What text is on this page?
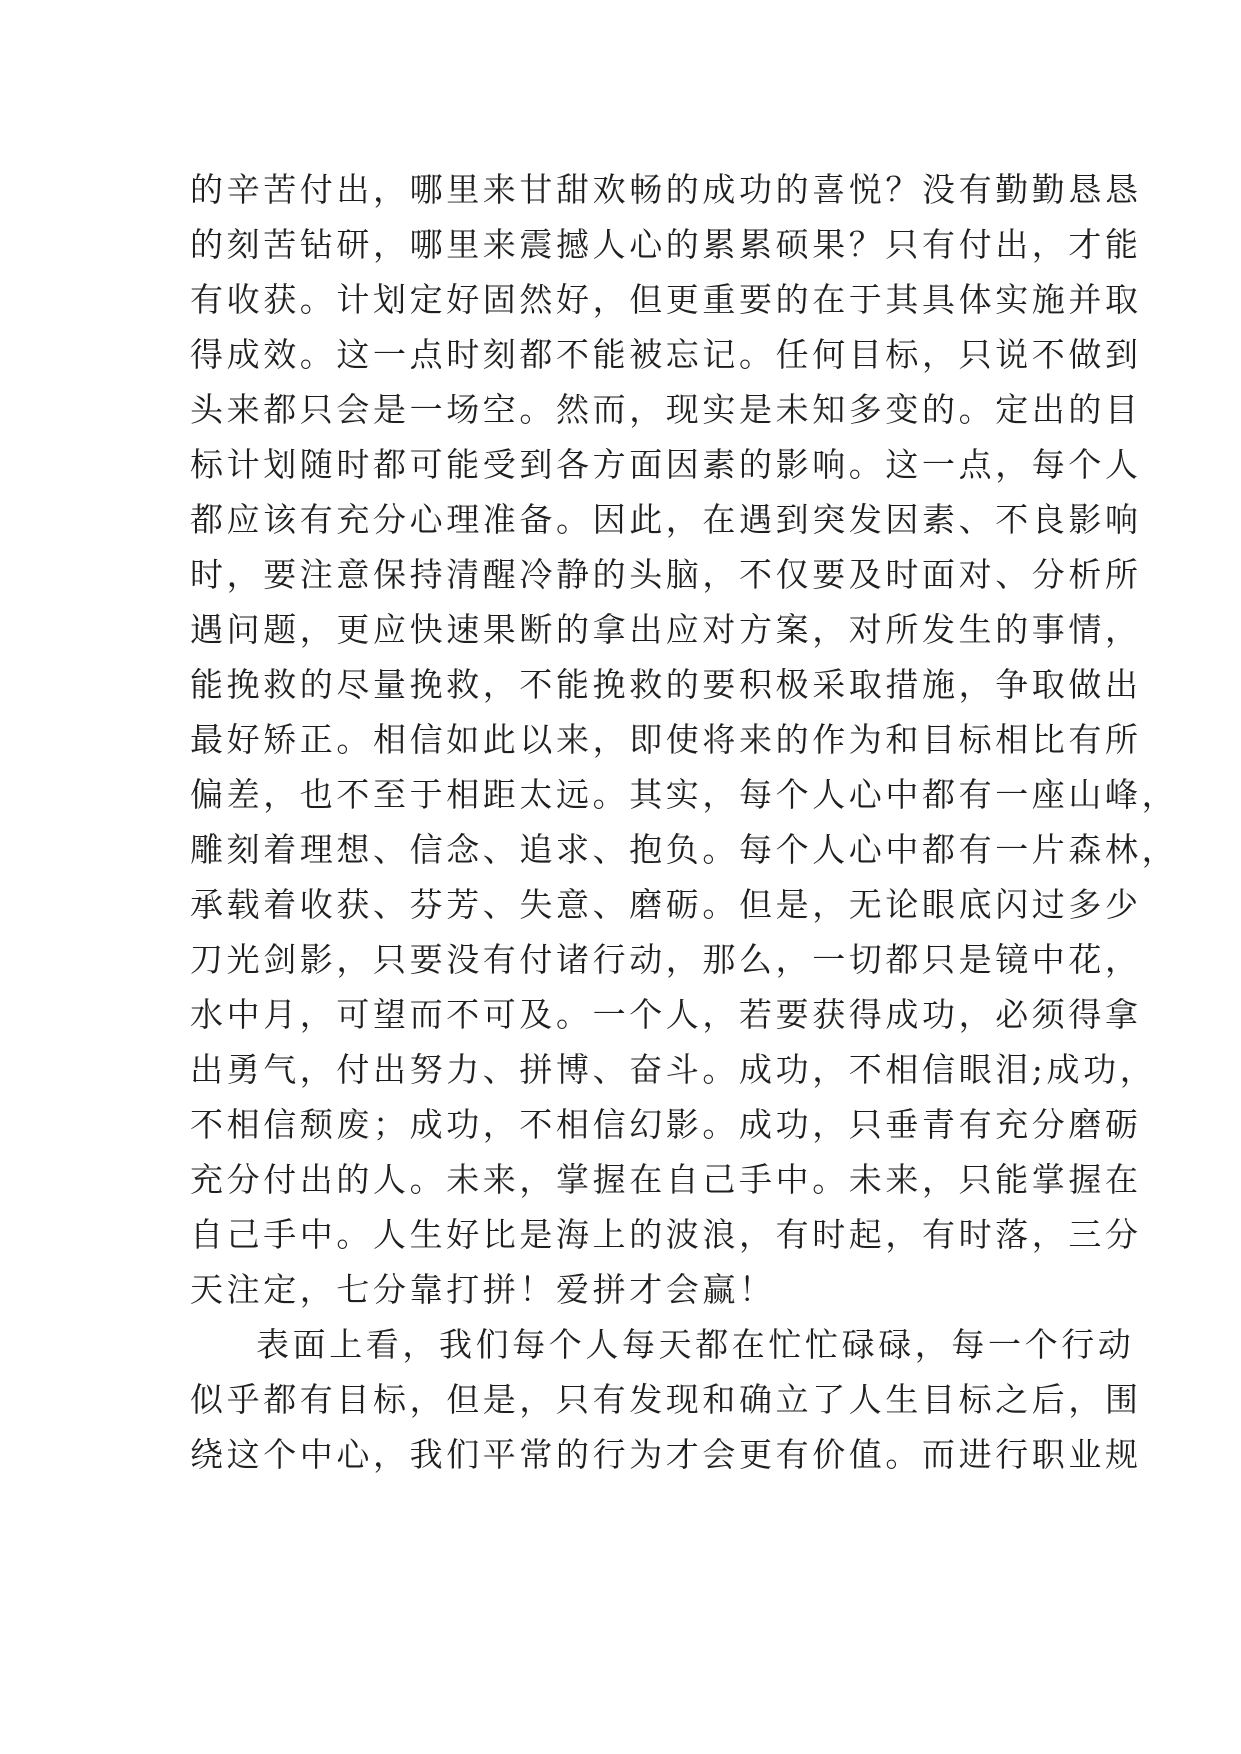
的辛苦付出，哪里来甘甜欢畅的成功的喜悦？没有勤勤恳恳
的刻苦钻研，哪里来震撼人心的累累硕果？只有付出，才能
有收获。计划定好固然好，但更重要的在于其具体实施并取
得成效。这一点时刻都不能被忘记。任何目标，只说不做到
头来都只会是一场空。然而，现实是未知多变的。定出的目
标计划随时都可能受到各方面因素的影响。这一点，每个人
都应该有充分心理准备。因此，在遇到突发因素、不良影响
时，要注意保持清醒冷静的头脑，不仅要及时面对、分析所
遇问题，更应快速果断的拿出应对方案，对所发生的事情，
能挽救的尽量挽救，不能挽救的要积极采取措施，争取做出
最好矫正。相信如此以来，即使将来的作为和目标相比有所
偏差，也不至于相距太远。其实，每个人心中都有一座山峰，
雕刻着理想、信念、追求、抱负。每个人心中都有一片森林，
承载着收获、芬芳、失意、磨砺。但是，无论眼底闪过多少
刀光剑影，只要没有付诸行动，那么，一切都只是镜中花，
水中月，可望而不可及。一个人，若要获得成功，必须得拿
出勇气，付出努力、拼博、奋斗。成功，不相信眼泪;成功，
不相信颓废；成功，不相信幻影。成功，只垂青有充分磨砺
充分付出的人。未来，掌握在自己手中。未来，只能掌握在
自己手中。人生好比是海上的波浪，有时起，有时落，三分
天注定，七分靠打拼！爱拼才会赢！
表面上看，我们每个人每天都在忙忙碌碌，每一个行动
似乎都有目标，但是，只有发现和确立了人生目标之后，围
绕这个中心，我们平常的行为才会更有价值。而进行职业规
